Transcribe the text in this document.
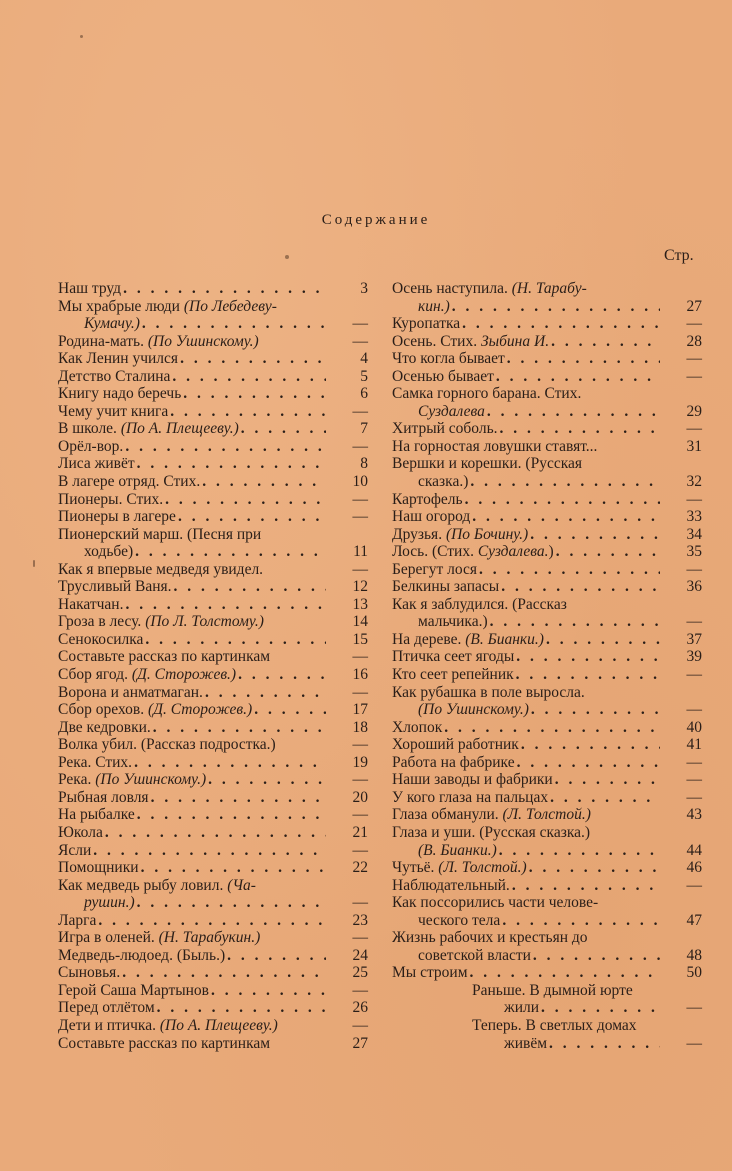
Содержание
Стр.
Наш труд . . .	3
Мы храбрые люди (По Лебедеву-
Кумачу.) . . .	—
Родина-мать. (По Ушинскому.)	—
Как Ленин учился . . .	4
Детство Сталина . . .	5
Книгу надо беречь . . .	6
Чему учит книга . . .	—
В школе. (По А. Плещееву.) . . .	7
Орёл-вор. . . .	—
Лиса живёт . . .	8
В лагере отряд. Стих. . . .	10
Пионеры. Стих. . . .	—
Пионеры в лагере . . .	—
Пионерский марш. (Песня при
ходьбе) . . .	11
Как я впервые медведя увидел.	—
Трусливый Ваня. . . .	12
Накатчан. . . .	13
Гроза в лесу. (По Л. Толстому.)	14
Сенокосилка . . .	15
Составьте рассказ по картинкам	—
Сбор ягод. (Д. Сторожев.) . . .	16
Ворона и анматмаган. . . .	—
Сбор орехов. (Д. Сторожев.) . . .	17
Две кедровки. . . .	18
Волка убил. (Рассказ подростка.)	—
Река. Стих. . . .	19
Река. (По Ушинскому.) . . .	—
Рыбная ловля . . .	20
На рыбалке . . .	—
Юкола . . .	21
Ясли . . .	—
Помощники . . .	22
Как медведь рыбу ловил. (Ча-
рушин.) . . .	—
Ларга . . .	23
Игра в оленей. (Н. Тарабукин.)	—
Медведь-людоед. (Быль.) . . .	24
Сыновья. . . .	25
Герой Саша Мартынов . . .	—
Перед отлётом . . .	26
Дети и птичка. (По А. Плещееву.)	—
Составьте рассказ по картинкам	27
Осень наступила. (Н. Тарабу-
кин.) . . .	27
Куропатка . . .	—
Осень. Стих. Зыбина И. . . .	28
Что когла бывает . . .	—
Осенью бывает . . .	—
Самка горного барана. Стих.
Суздалева . . .	29
Хитрый соболь. . . .	—
На горностая ловушки ставят...	31
Вершки и корешки. (Русская
сказка.) . . .	32
Картофель . . .	—
Наш огород . . .	33
Друзья. (По Бочину.) . . .	34
Лось. (Стих. Суздалева.) . . .	35
Берегут лося . . .	—
Белкины запасы . . .	36
Как я заблудился. (Рассказ
мальчика.) . . .	—
На дереве. (В. Бианки.) . . .	37
Птичка сеет ягоды . . .	39
Кто сеет репейник . . .	—
Как рубашка в поле выросла.
(По Ушинскому.) . . .	—
Хлопок . . .	40
Хороший работник . . .	41
Работа на фабрике . . .	—
Наши заводы и фабрики . . .	—
У кого глаза на пальцах . . .	—
Глаза обманули. (Л. Толстой.)	43
Глаза и уши. (Русская сказка.)
(В. Бианки.) . . .	44
Чутьё. (Л. Толстой.) . . .	46
Наблюдательный. . . .	—
Как поссорились части челове-
ческого тела . . .	47
Жизнь рабочих и крестьян до
советской власти . . .	48
Мы строим . . .	50
Раньше. В дымной юрте
жили . . .	—
Теперь. В светлых домах
живём . . .	—
